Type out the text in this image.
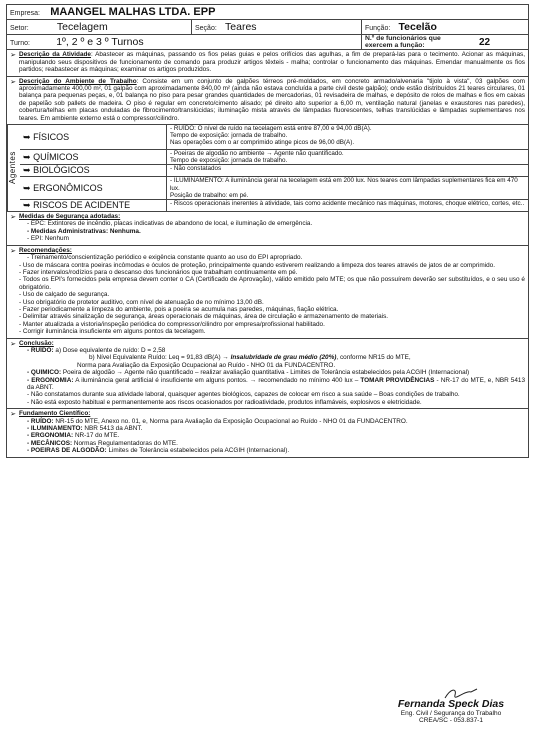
Empresa: MAANGEL MALHAS LTDA. EPP		
Setor: Tecelagem	Seção: Teares	Função: Tecelão
Turno: 1º, 2 º e 3 º Turnos		N.º de funcionários que exercem a função: 22
➢ Descrição da Atividade: Abastecer as máquinas, passando os fios pelas guias e pelos orifícios das agulhas, a fim de prepará-las para o tecimento. Acionar as máquinas, manipulando seus dispositivos de funcionamento de comando para produzir artigos têxteis - malha; controlar o funcionamento das máquinas. Emendar manualmente os fios partidos; reabastecer as máquinas; examinar os artigos produzidos.
➢ Descrição do Ambiente de Trabalho: Consiste em um conjunto de galpões térreos pré-moldados, em concreto armado/alvenaria "tijolo à vista", 03 galpões com aproximadamente 400,00 m², 01 galpão com aproximadamente 840,00 m² (ainda não estava concluída a parte civil deste galpão); onde estão distribuídos 21 teares circulares, 01 balança para pequenas peças, e, 01 balança no piso para pesar grandes quantidades de mercadorias, 01 revisadeira de malhas, e depósito de rolos de malhas e fios em caixas de papelão sob pallets de madeira. O piso é regular em concreto/cimento alisado; pé direito alto superior a 6,00 m, ventilação natural (janelas e exaustores nas paredes), cobertura/telhas em placas onduladas de fibrocimento/translúcidas; iluminação mista através de lâmpadas fluorescentes, telhas translúcidas e lâmpadas suplementares nos teares. Em ambiente externo está o compressor/cilindro.
Agentes
➥ FÍSICOS	- RUÍDO: O nível de ruído na tecelagem está entre 87,00 e 94,00 dB(A).
Tempo de exposição: jornada de trabalho.
Nas operações com o ar comprimido atinge picos de 96,00 dB(A).

➥ QUÍMICOS	- Poeiras de algodão no ambiente → Agente não quantificado.
Tempo de exposição: jornada de trabalho.

➥ BIOLÓGICOS	- Não constatados

➥ ERGONÔMICOS	- ILUMINAMENTO: A iluminância geral na tecelagem está em 200 lux. Nos teares com lâmpadas suplementares fica em 470 lux.
Posição de trabalho: em pé.

➥ RISCOS DE ACIDENTE	- Riscos operacionais inerentes à atividade, tais como acidente mecânico nas máquinas, motores, choque elétrico, cortes, etc..
➢ Medidas de Segurança adotadas:
- EPC: Extintores de incêndio, placas indicativas de abandono de local, e iluminação de emergência.
- Medidas Administrativas: Nenhuma.
- EPI: Nenhum
➢ Recomendações:
- Treinamento/conscientização periódico e exigência constante quanto ao uso do EPI apropriado.
- Uso de máscara contra poeiras incômodas e óculos de proteção, principalmente quando estiverem realizando a limpeza dos teares através de jatos de ar comprimido.
- Fazer intervalos/rodízios para o descanso dos funcionários que trabalham continuamente em pé.
- Todos os EPI's fornecidos pela empresa devem conter o CA (Certificado de Aprovação), válido emitido pelo MTE; os que não possuírem deverão ser substituídos, e o seu uso é obrigatório.
- Uso de calçado de segurança.
- Uso obrigatório de protetor auditivo, com nível de atenuação de no mínimo 13,00 dB.
- Fazer periodicamente a limpeza do ambiente, pois a poeira se acumula nas paredes, máquinas, fiação elétrica.
- Delimitar através sinalização de segurança, áreas operacionais de máquinas, área de circulação e armazenamento de materiais.
- Manter atualizada a vistoria/inspeção periódica do compressor/cilindro por empresa/profissional habilitado.
- Corrigir iluminância insuficiente em alguns pontos da tecelagem.
➢ Conclusão:
- RUÍDO: a) Dose equivalente de ruído: D = 2,58
b) Nível Equivalente Ruído: Leq = 91,83 dB(A) → Insalubridade de grau médio (20%), conforme NR15 do MTE,
Norma para Avaliação da Exposição Ocupacional ao Ruído - NHO 01 da FUNDACENTRO.
- QUIMICO: Poeira de algodão → Agente não quantificado – realizar avaliação quantitativa - Limites de Tolerância estabelecidos pela ACGIH (Internacional)
- ERGONOMIA: A iluminância geral artificial é insuficiente em alguns pontos. → recomendado no mínimo 400 lux – TOMAR PROVIDÊNCIAS - NR-17 do MTE, e, NBR 5413 da ABNT.
- Não constatamos durante sua atividade laboral, quaisquer agentes biológicos, capazes de colocar em risco a sua saúde – Boas condições de trabalho.
- Não está exposto habitual e permanentemente aos riscos ocasionados por radioatividade, produtos inflamáveis, explosivos e eletricidade.
➢ Fundamento Científico:
- RUÍDO: NR-15 do MTE, Anexo no. 01, e, Norma para Avaliação da Exposição Ocupacional ao Ruído - NHO 01 da FUNDACENTRO.
- ILUMINAMENTO: NBR 5413 da ABNT.
- ERGONOMIA: NR-17 do MTE.
- MECÂNICOS: Normas Regulamentadoras do MTE.
- POEIRAS DE ALGODÃO: Limites de Tolerância estabelecidos pela ACGIH (Internacional).
Fernanda Speck Dias
Eng. Civil / Segurança do Trabalho
CREA/SC - 053.837-1
